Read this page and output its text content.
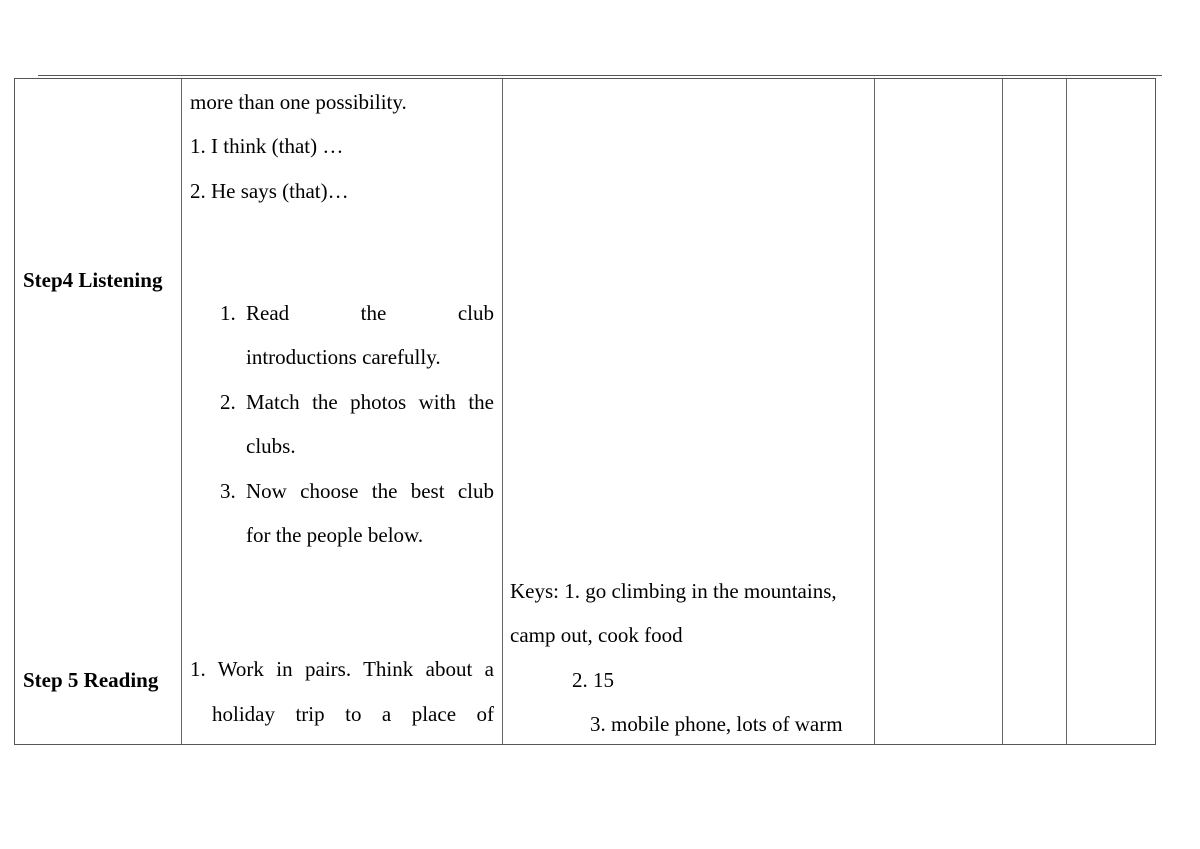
Step4 Listening
Step 5 Reading
more than one possibility.
1. I think (that) …
2. He says (that)…
1. Read	the	club
introductions carefully.
2. Match the photos with the
clubs.
3. Now choose the best club
for the people below.
1. Work in pairs. Think about a
holiday trip to a place of
Keys: 1. go climbing in the mountains,
camp out, cook food
2. 15
3. mobile phone, lots of warm
